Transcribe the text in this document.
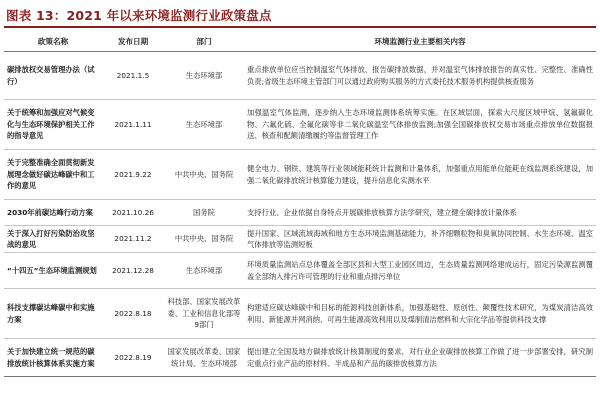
图表 13：2021 年以来环境监测行业政策盘点
政策名称	发布日期	部门	环境监测行业主要相关内容
碳排放权交易管理办法（试行）	2021.1.5	生态环境部	重点排放单位应当控制温室气体排放、报告碳排放数据，并对温室气体排放报告的真实性、完整性、准确性负责;省级生态环境主管部门可以通过政府购买服务的方式委托技术服务机构提供核查服务
关于统筹和加强应对气候变化与生态环境保护相关工作的指导意见	2021.1.11	生态环境部	加强温室气体监测，逐步纳入生态环境监测体系统筹实施。在区域层面，探索大尺度区域甲烷、氢氟碳化物、六氟化硫、全氟化碳等非二氧化碳温室气体排放监测;加强全国碳排放权交易市场重点排放单位数据报送、核查和配额清缴履约等监督管理工作
关于完整准确全面贯彻新发展理念做好碳达峰碳中和工作的意见	2021.9.22	中共中央、国务院	健全电力、钢铁、建筑等行业领域能耗统计监测和计量体系，加强重点用能单位能耗在线监测系统建设，加强二氧化碳排放统计核算能力建设，提升信息化实测水平
2030年前碳达峰行动方案	2021.10.26	国务院	支持行业、企业依据自身特点开展碳排放核算方法学研究，建立健全碳排放计量体系
关于深入打好污染防治攻坚战的意见	2021.11.2	中共中央、国务院	提升国家、区域流域海域和地方生态环境监测基础能力，补齐细颗粒物和臭氧协同控制、水生态环境、温室气体排放等监测短板
“十四五”生态环境监测规划	2021.12.28	生态环境部	环境质量监测站点总体覆盖全部区县和大型工业园区周边，生态质量监测网络建成运行，固定污染源监测覆盖全部纳入排污许可管理的行业和重点排污单位
科技支撑碳达峰碳中和实施方案	2022.8.18	科技部、国家发展改革委、工业和信息化部等9部门	构建适应碳达峰碳中和目标的能源科技创新体系，加强基础性、原创性、颠覆性技术研究，为煤炭清洁高效利用、新能源并网消纳、可再生能源高效利用以及煤制清洁燃料和大宗化学品等提供科技支撑
关于加快建立统一规范的碳排放统计核算体系实施方案	2022.8.19	国家发展改革委、国家统计局、生态环境部	提出建立全国及地方碳排放统计核算制度的要求，对行业企业碳排放核算工作做了进一步部署安排，研究制定重点行业产品的原材料、半成品和产品的碳排放核算方法
